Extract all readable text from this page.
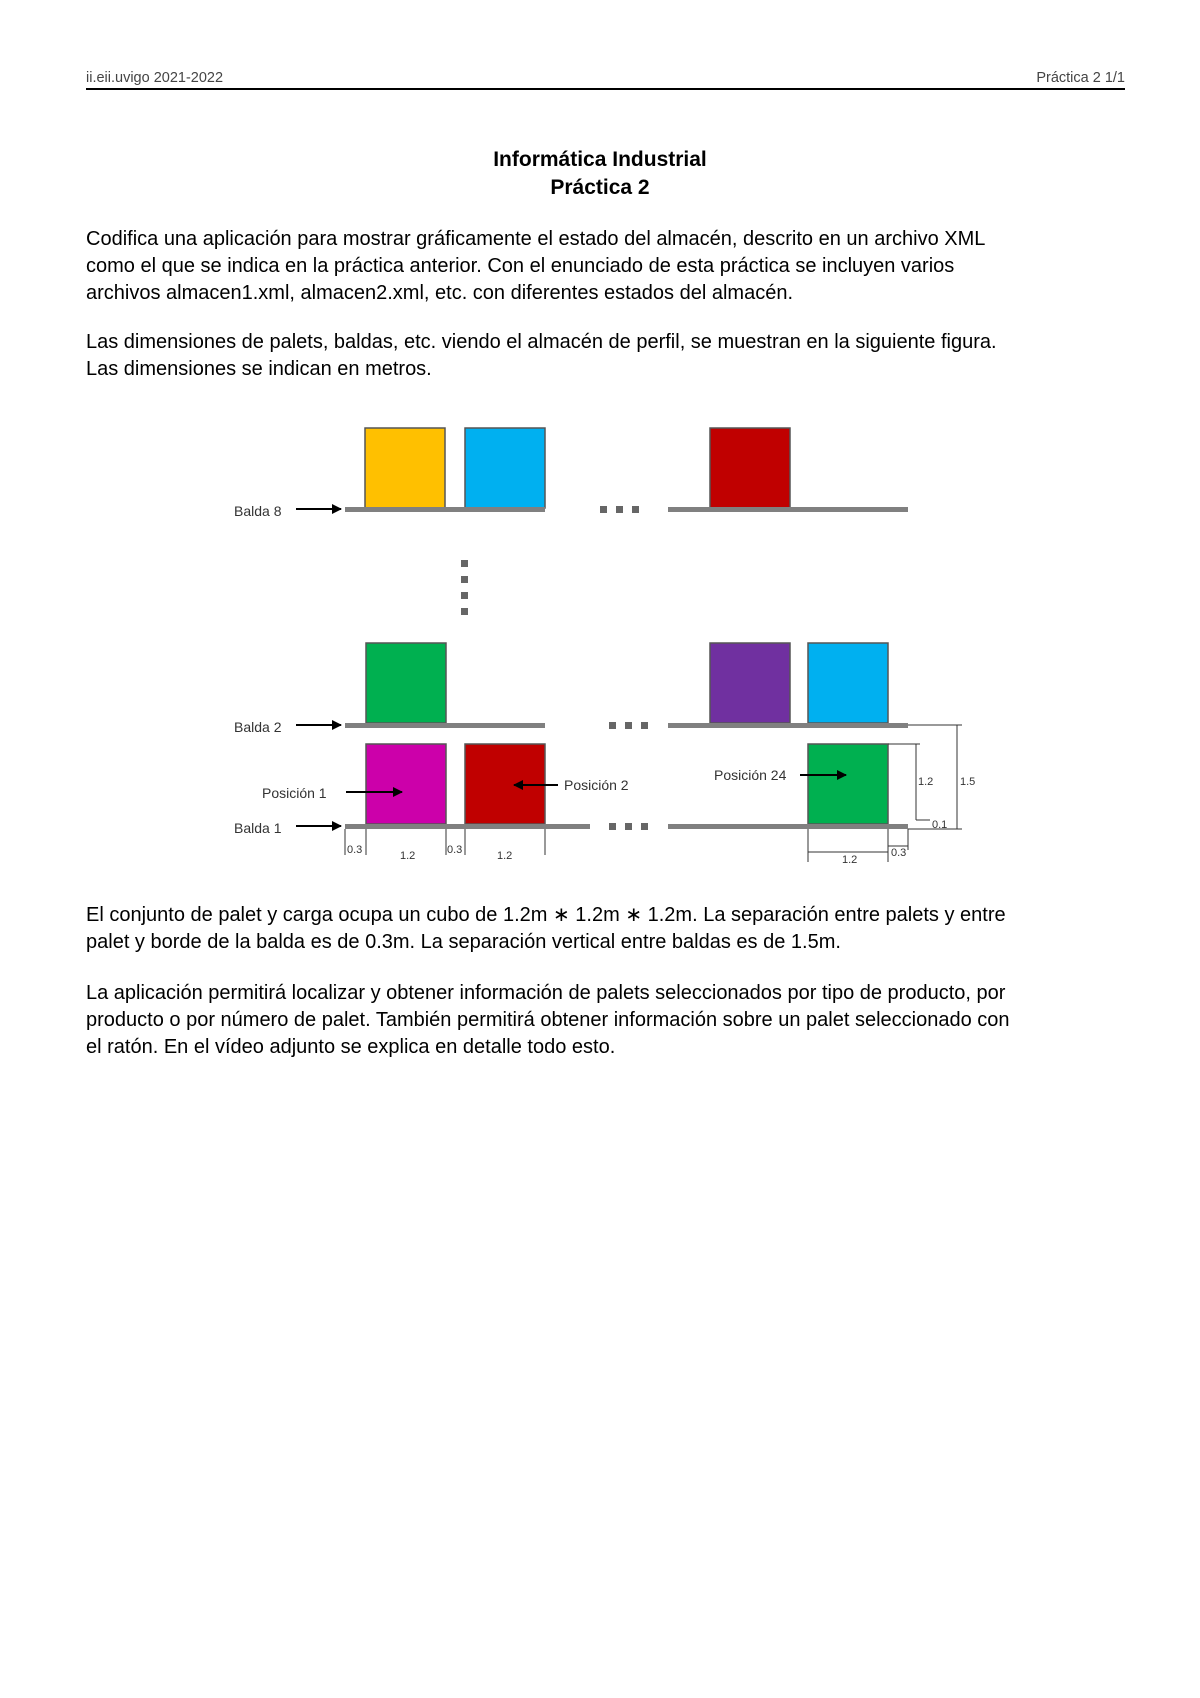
ii.eii.uvigo 2021-2022	Práctica 2 1/1
Informática Industrial
Práctica 2
Codifica una aplicación para mostrar gráficamente el estado del almacén, descrito en un archivo XML
como el que se indica en la práctica anterior. Con el enunciado de esta práctica se incluyen varios
archivos almacen1.xml, almacen2.xml, etc. con diferentes estados del almacén.
Las dimensiones de palets, baldas, etc. viendo el almacén de perfil, se muestran en la siguiente figura.
Las dimensiones se indican en metros.
Balda 8
Balda 2
Balda 1
Posición 1	Posición 2
Posición 24
0.3	1.2	0.3	1.2	1.2
0.3
1.2 1.5
0.1
El conjunto de palet y carga ocupa un cubo de 1.2m ∗ 1.2m ∗ 1.2m. La separación entre palets y entre
palet y borde de la balda es de 0.3m. La separación vertical entre baldas es de 1.5m.
La aplicación permitirá localizar y obtener información de palets seleccionados por tipo de producto, por
producto o por número de palet. También permitirá obtener información sobre un palet seleccionado con
el ratón. En el vídeo adjunto se explica en detalle todo esto.
